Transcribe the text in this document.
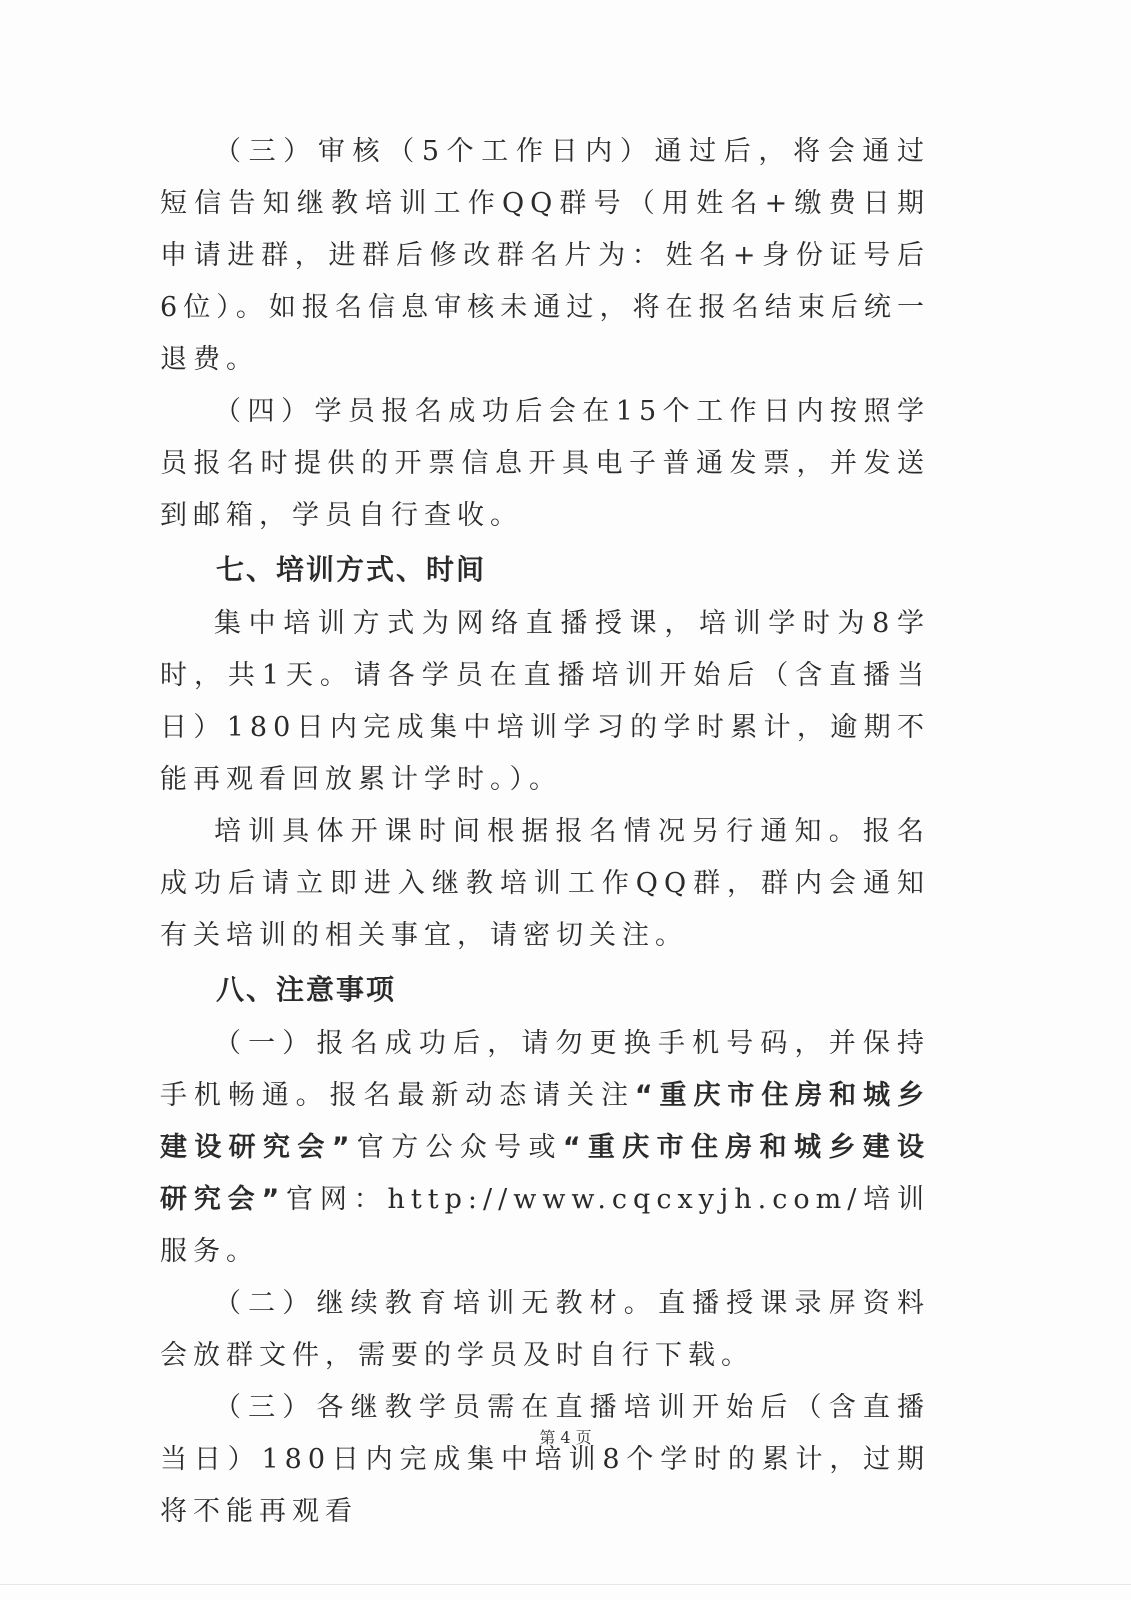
（三）审核（5个工作日内）通过后，将会通过短信告知继教培训工作QQ群号（用姓名+缴费日期申请进群，进群后修改群名片为：姓名+身份证号后6位）。如报名信息审核未通过，将在报名结束后统一退费。

（四）学员报名成功后会在15个工作日内按照学员报名时提供的开票信息开具电子普通发票，并发送到邮箱，学员自行查收。

七、培训方式、时间

集中培训方式为网络直播授课，培训学时为8学时，共1天。请各学员在直播培训开始后（含直播当日）180日内完成集中培训学习的学时累计，逾期不能再观看回放累计学时。）。

培训具体开课时间根据报名情况另行通知。报名成功后请立即进入继教培训工作QQ群，群内会通知有关培训的相关事宜，请密切关注。

八、注意事项

（一）报名成功后，请勿更换手机号码，并保持手机畅通。报名最新动态请关注“重庆市住房和城乡建设研究会”官方公众号或“重庆市住房和城乡建设研究会”官网：http://www.cqcxyjh.com/培训服务。

（二）继续教育培训无教材。直播授课录屏资料会放群文件，需要的学员及时自行下载。

（三）各继教学员需在直播培训开始后（含直播当日）180日内完成集中培训8个学时的累计，过期将不能再观看

第 4 页
